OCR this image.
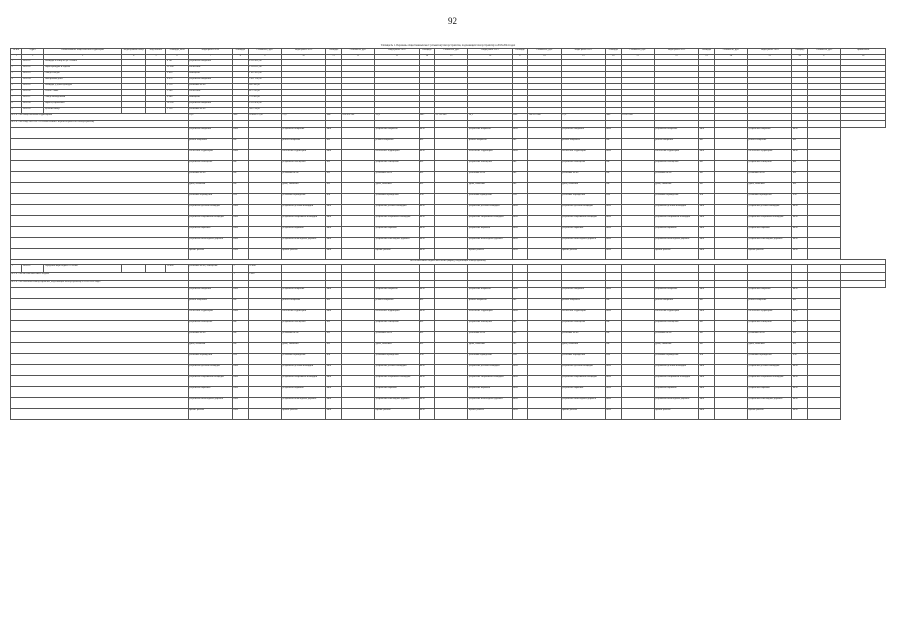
92
Таблица № 1. Перечень общественных мест (объектов) благоустройства, подлежащих благоустройству в 2018-2024 годах
№ п/п	Адрес	Наименование общественной территории	Кадастровый номер	Вид объекта	Площадь, кв.м	Виды работ 2018	Площадь	Стоимость, руб.	Виды работ 2019	Площадь	Стоимость, руб.	Виды работ 2020	Площадь	Стоимость, руб.	Виды работ 2021	Площадь	Стоимость, руб.	Виды работ 2022	Площадь	Стоимость, руб.	Виды работ 2023	Площадь	Стоимость, руб.	Виды работ 2024	Площадь	Стоимость, руб.	Примечание
1	2	3	4	5	6	7	8	9	10	11	12	13	14	15	16	17	18	19	20	21	22	23	24	25	26	27	28
1	18-0101	Площадь и сквер по ул. Ленина			8 141	устройство покрытия		4 296 401,00																			
2	18-0102	Парк Культуры и отдыха			12 500	озеленение		2 134 567,00																			
3	18-0103	Сквер Победы			3 420	освещение		1 022 018,00																			
4	18-0104	Набережная реки			9 876	устройство покрытия		5 631 200,00																			
5	18-0105	Площадь у Дома культуры			2 310	установка МАФ		845 300,00																			
6	18-0106	Аллея Славы			1 540	озеленение		412 760,00																			
7	18-0107	Сквер Молодёжный			2 980	освещение		731 905,00																			
8	18-0108	Парк Центральный			14 200	устройство покрытия		6 210 430,00																			
9	18-0109	Детский сквер			1 150	установка МАФ		389 214,00																			
ИТОГО по общественным территориям						24,6	тыс.	20 484 211,00	21,0	тыс.	268 459 900	22,8	тыс.	25 705 000	24,5	тыс.	104 229 000	23,6	тыс.	34 543 000							
ИТОГО по ВИДАМ РАБОТ в соответствии с перечнем работ по благоустройству																											
						устройство покрытия	кв.м		устройство покрытия	кв.м		устройство покрытия	кв.м		устройство покрытия	кв.м		устройство покрытия	кв.м		устройство покрытия	кв.м		устройство покрытия	кв.м		
						ремонт покрытия	шт.		ремонт покрытия	шт.		ремонт покрытия	шт.		ремонт покрытия	шт.		ремонт покрытия	шт.		ремонт покрытия	шт.		ремонт покрытия	шт.		
						озеленение территории	кв.м		озеленение территории	кв.м		озеленение территории	кв.м		озеленение территории	кв.м		озеленение территории	кв.м		озеленение территории	кв.м		озеленение территории	кв.м		
						устройство освещения	шт.		устройство освещения	шт.		устройство освещения	шт.		устройство освещения	шт.		устройство освещения	шт.		устройство освещения	шт.		устройство освещения	шт.		
						установка МАФ	шт.		установка МАФ	шт.		установка МАФ	шт.		установка МАФ	шт.		установка МАФ	шт.		установка МАФ	шт.		установка МАФ	шт.		
						урны, скамейки	шт.		урны, скамейки	шт.		урны, скамейки	шт.		урны, скамейки	шт.		урны, скамейки	шт.		урны, скамейки	шт.		урны, скамейки	шт.		
						установка ограждений	п.м		установка ограждений	п.м		установка ограждений	п.м		установка ограждений	п.м		установка ограждений	п.м		установка ограждений	п.м		установка ограждений	п.м		
						устройство детской площадки	кв.м		устройство детской площадки	кв.м		устройство детской площадки	кв.м		устройство детской площадки	кв.м		устройство детской площадки	кв.м		устройство детской площадки	кв.м		устройство детской площадки	кв.м		
						устройство спортивной площадки	кв.м		устройство спортивной площадки	кв.м		устройство спортивной площадки	кв.м		устройство спортивной площадки	кв.м		устройство спортивной площадки	кв.м		устройство спортивной площадки	кв.м		устройство спортивной площадки	кв.м		
						устройство парковок	кв.м		устройство парковок	кв.м		устройство парковок	кв.м		устройство парковок	кв.м		устройство парковок	кв.м		устройство парковок	кв.м		устройство парковок	кв.м		
						устройство пешеходных дорожек	кв.м		устройство пешеходных дорожек	кв.м		устройство пешеходных дорожек	кв.м		устройство пешеходных дорожек	кв.м		устройство пешеходных дорожек	кв.м		устройство пешеходных дорожек	кв.м		устройство пешеходных дорожек	кв.м		
						прочие работы	кв.м		прочие работы	кв.м		прочие работы	кв.м		прочие работы	кв.м		прочие работы	кв.м		прочие работы	кв.м		прочие работы	кв.м		
Места массового отдыха населения (парки), подлежащие благоустройству																											
1	18-0201	Городской парк отдыха «Сосны»			18 400	установка МАФ, освещение	2	32 400																			
ИТОГО по местам массового отдыха							1	3 600																			
ИТОГО по объектам благоустройства, подлежащим благоустройству в 2018-2024 годах																											
						устройство покрытия	кв.м		устройство покрытия	кв.м		устройство покрытия	кв.м		устройство покрытия	кв.м		устройство покрытия	кв.м		устройство покрытия	кв.м		устройство покрытия	кв.м		
						ремонт покрытия	шт.		ремонт покрытия	шт.		ремонт покрытия	шт.		ремонт покрытия	шт.		ремонт покрытия	шт.		ремонт покрытия	шт.		ремонт покрытия	шт.		
						озеленение территории	кв.м		озеленение территории	кв.м		озеленение территории	кв.м		озеленение территории	кв.м		озеленение территории	кв.м		озеленение территории	кв.м		озеленение территории	кв.м		
						устройство освещения	шт.		устройство освещения	шт.		устройство освещения	шт.		устройство освещения	шт.		устройство освещения	шт.		устройство освещения	шт.		устройство освещения	шт.		
						установка МАФ	шт.		установка МАФ	шт.		установка МАФ	шт.		установка МАФ	шт.		установка МАФ	шт.		установка МАФ	шт.		установка МАФ	шт.		
						урны, скамейки	шт.		урны, скамейки	шт.		урны, скамейки	шт.		урны, скамейки	шт.		урны, скамейки	шт.		урны, скамейки	шт.		урны, скамейки	шт.		
						установка ограждений	п.м		установка ограждений	п.м		установка ограждений	п.м		установка ограждений	п.м		установка ограждений	п.м		установка ограждений	п.м		установка ограждений	п.м		
						устройство детской площадки	кв.м		устройство детской площадки	кв.м		устройство детской площадки	кв.м		устройство детской площадки	кв.м		устройство детской площадки	кв.м		устройство детской площадки	кв.м		устройство детской площадки	кв.м		
						устройство спортивной площадки	кв.м		устройство спортивной площадки	кв.м		устройство спортивной площадки	кв.м		устройство спортивной площадки	кв.м		устройство спортивной площадки	кв.м		устройство спортивной площадки	кв.м		устройство спортивной площадки	кв.м		
						устройство парковок	кв.м		устройство парковок	кв.м		устройство парковок	кв.м		устройство парковок	кв.м		устройство парковок	кв.м		устройство парковок	кв.м		устройство парковок	кв.м		
						устройство пешеходных дорожек	кв.м		устройство пешеходных дорожек	кв.м		устройство пешеходных дорожек	кв.м		устройство пешеходных дорожек	кв.м		устройство пешеходных дорожек	кв.м		устройство пешеходных дорожек	кв.м		устройство пешеходных дорожек	кв.м		
						прочие работы	кв.м		прочие работы	кв.м		прочие работы	кв.м		прочие работы	кв.м		прочие работы	кв.м		прочие работы	кв.м		прочие работы	кв.м		
